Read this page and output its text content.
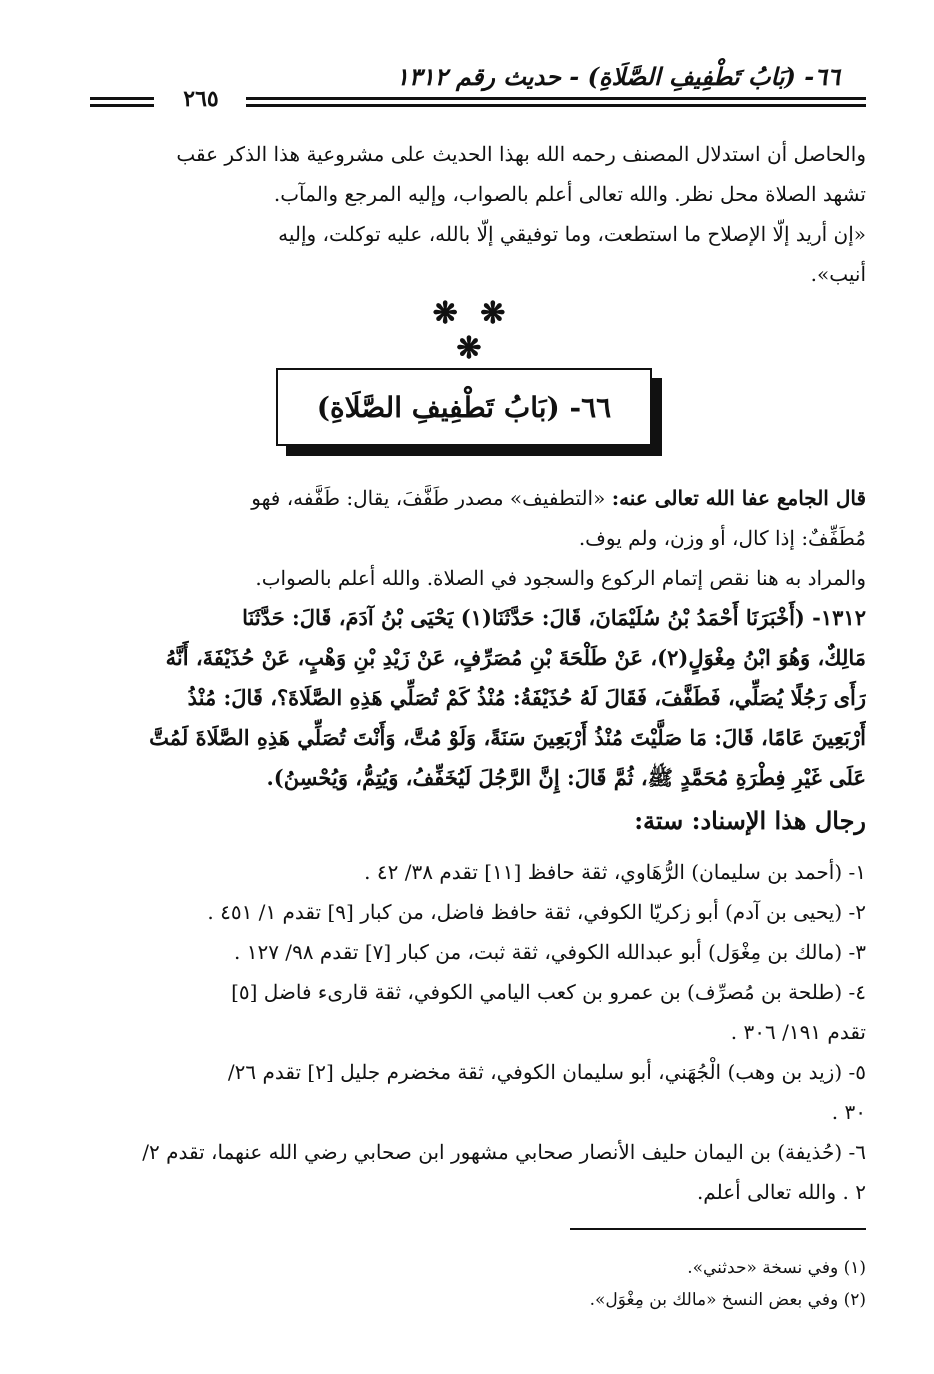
٦٦- (بَابُ تَطْفِيفِ الصَّلَاةِ) - حديث رقم ١٣١٢
٢٦٥
والحاصل أن استدلال المصنف رحمه الله بهذا الحديث على مشروعية هذا الذكر عقب
تشهد الصلاة محل نظر. والله تعالى أعلم بالصواب، وإليه المرجع والمآب.
«إن أريد إلّا الإصلاح ما استطعت، وما توفيقي إلّا بالله، عليه توكلت، وإليه
أنيب».
❋ ❋ ❋
٦٦- (بَابُ تَطْفِيفِ الصَّلَاةِ)
قال الجامع عفا الله تعالى عنه: «التطفيف» مصدر طَفَّفَ، يقال: طَفَّفه، فهو
مُطَفِّفٌ: إذا كال، أو وزن، ولم يوف.
والمراد به هنا نقص إتمام الركوع والسجود في الصلاة. والله أعلم بالصواب.
١٣١٢- (أَخْبَرَنَا أَحْمَدُ بْنُ سُلَيْمَانَ، قَالَ: حَدَّثَنَا(١) يَحْيَى بْنُ آدَمَ، قَالَ: حَدَّثَنَا
مَالِكٌ، وَهُوَ ابْنُ مِغْوَلٍ(٢)، عَنْ طَلْحَةَ بْنِ مُصَرِّفٍ، عَنْ زَيْدِ بْنِ وَهْبٍ، عَنْ حُذَيْفَةَ، أَنَّهُ
رَأَى رَجُلًا يُصَلِّي، فَطَفَّفَ، فَقَالَ لَهُ حُذَيْفَةُ: مُنْذُ كَمْ تُصَلِّي هَذِهِ الصَّلَاةَ؟، قَالَ: مُنْذُ
أَرْبَعِينَ عَامًا، قَالَ: مَا صَلَّيْتَ مُنْذُ أَرْبَعِينَ سَنَةً، وَلَوْ مُتَّ، وَأَنْتَ تُصَلِّي هَذِهِ الصَّلَاةَ لَمُتَّ
عَلَى غَيْرِ فِطْرَةِ مُحَمَّدٍ ﷺ، ثُمَّ قَالَ: إِنَّ الرَّجُلَ لَيُخَفِّفُ، وَيُتِمُّ، وَيُحْسِنُ).
رجال هذا الإسناد: ستة:
١- (أحمد بن سليمان) الرُّهَاوي، ثقة حافظ [١١] تقدم ٣٨/ ٤٢ .
٢- (يحيى بن آدم) أبو زكريّا الكوفي، ثقة حافظ فاضل، من كبار [٩] تقدم ١/ ٤٥١ .
٣- (مالك بن مِغْوَل) أبو عبدالله الكوفي، ثقة ثبت، من كبار [٧] تقدم ٩٨/ ١٢٧ .
٤- (طلحة بن مُصرِّف) بن عمرو بن كعب اليامي الكوفي، ثقة قارىء فاضل [٥]
تقدم ١٩١/ ٣٠٦ .
٥- (زيد بن وهب) الْجُهَني، أبو سليمان الكوفي، ثقة مخضرم جليل [٢] تقدم ٢٦/
٣٠ .
٦- (حُذيفة) بن اليمان حليف الأنصار صحابي مشهور ابن صحابي رضي الله عنهما، تقدم ٢/
٢ . والله تعالى أعلم.
(١) وفي نسخة «حدثني».
(٢) وفي بعض النسخ «مالك بن مِغْوَل».
